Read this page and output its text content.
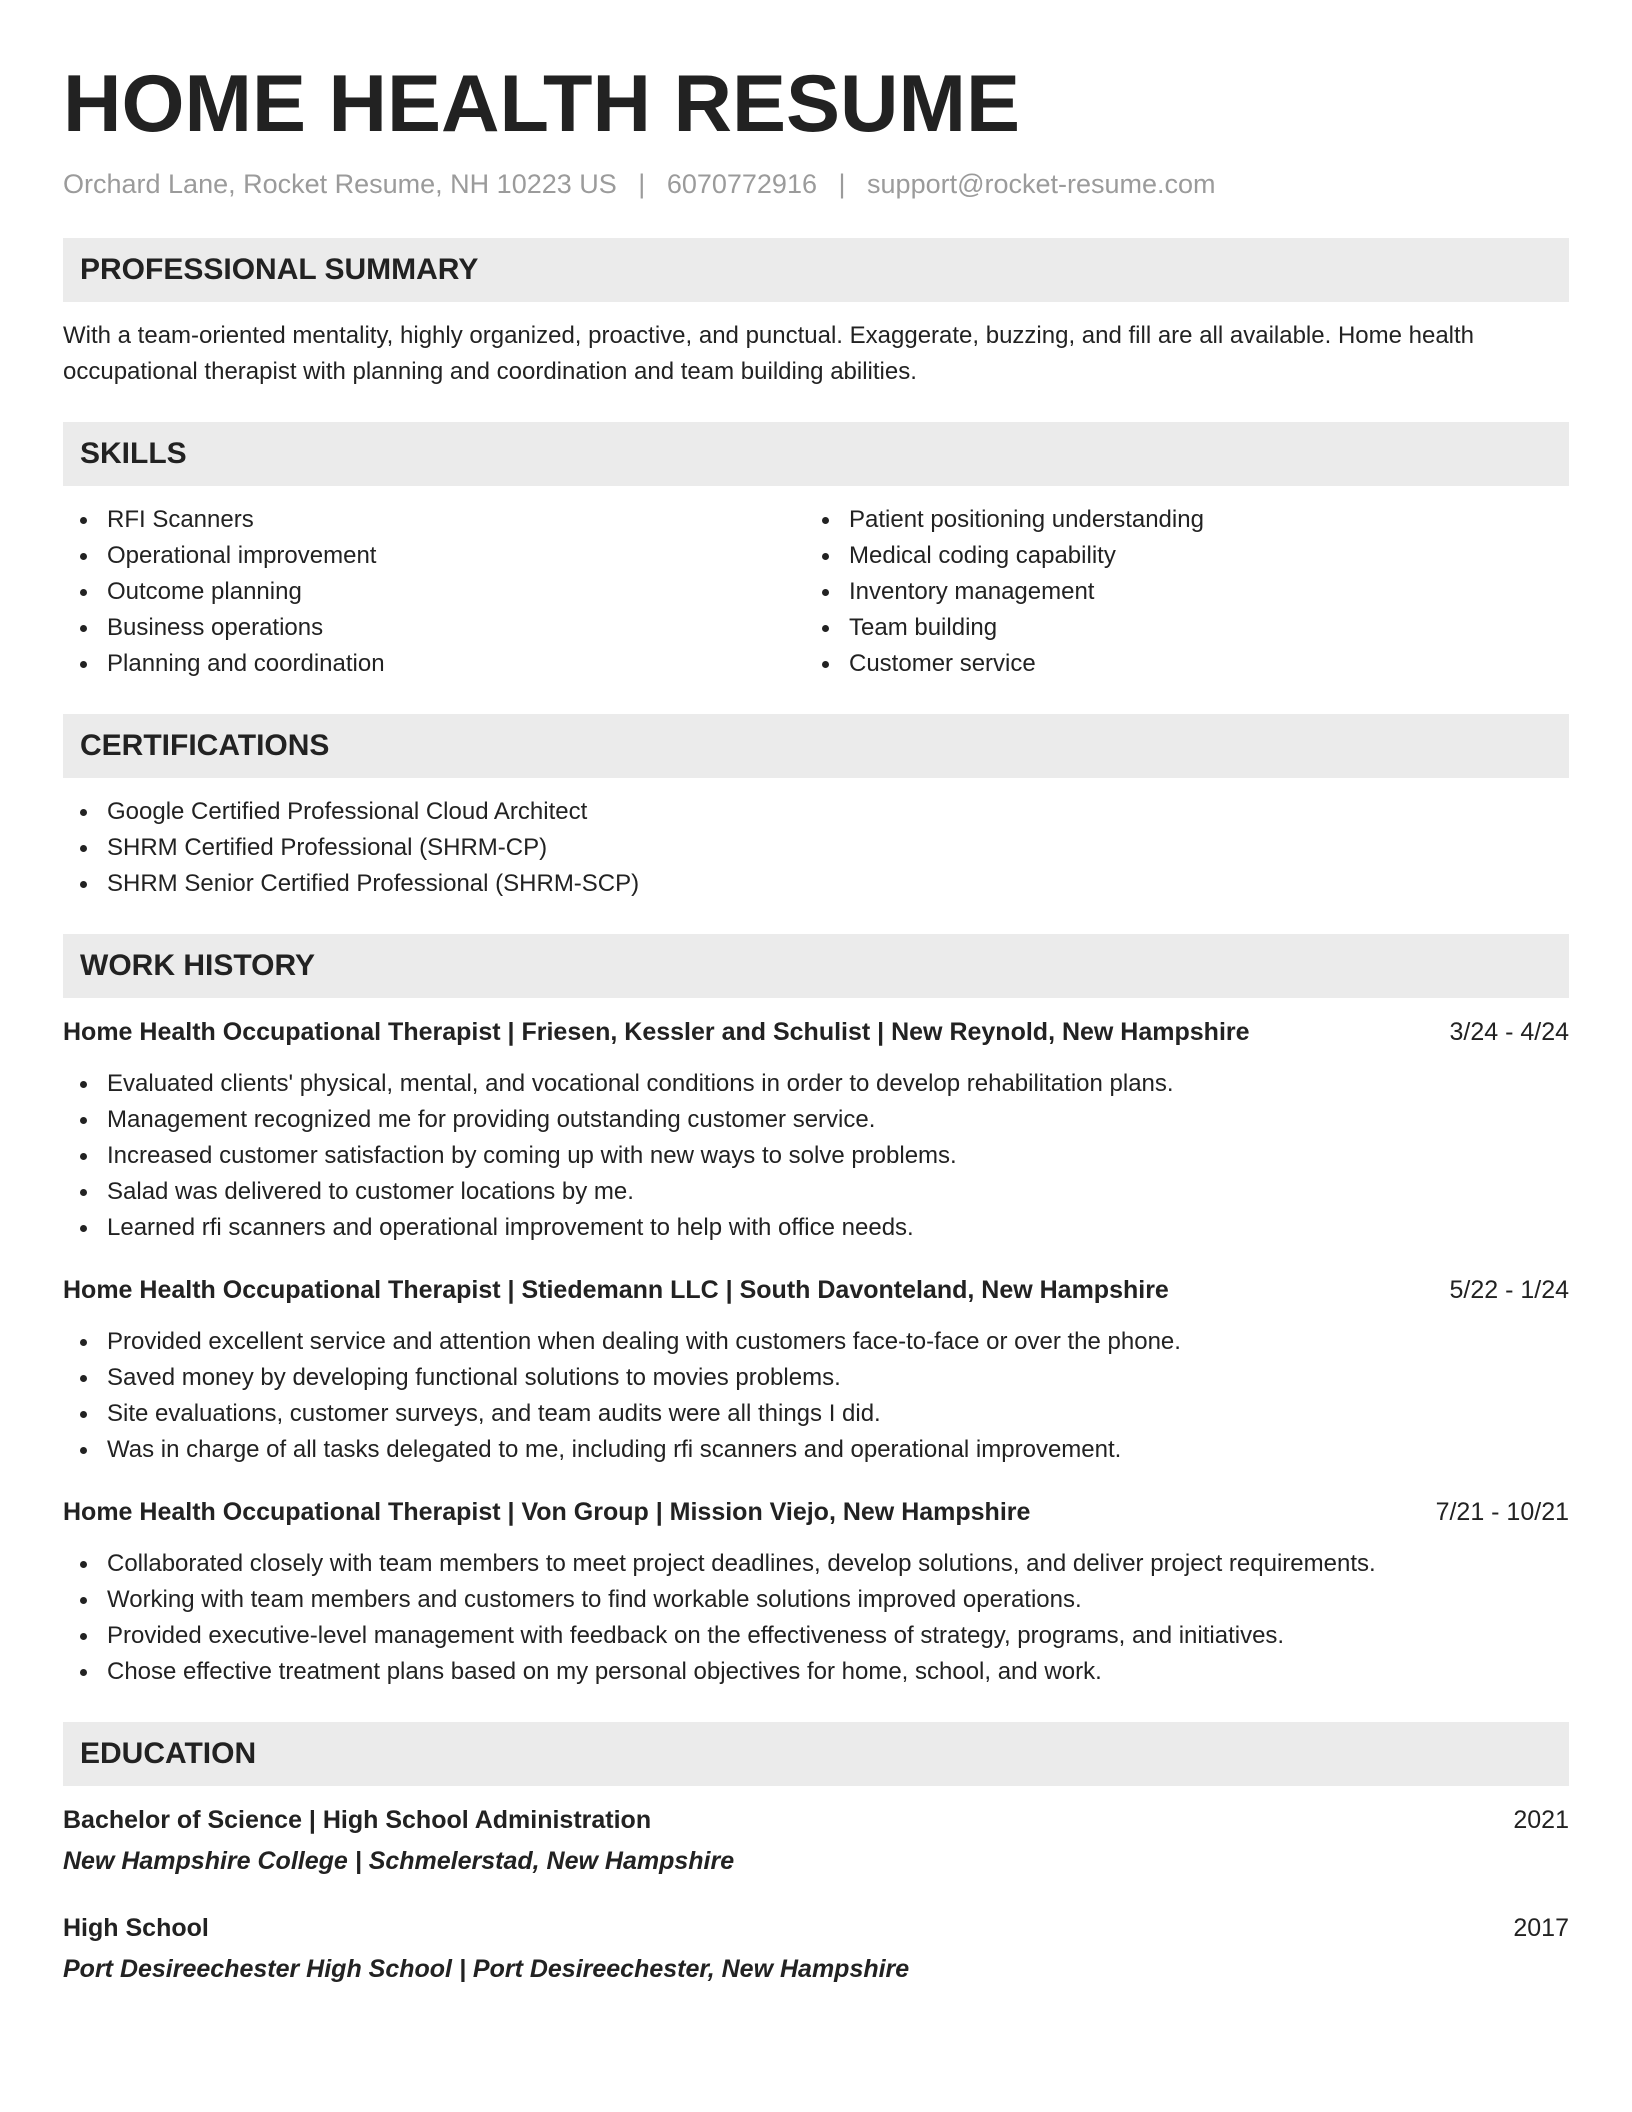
HOME HEALTH RESUME
Orchard Lane, Rocket Resume, NH 10223 US | 6070772916 | support@rocket-resume.com
PROFESSIONAL SUMMARY

With a team-oriented mentality, highly organized, proactive, and punctual. Exaggerate, buzzing, and fill are all available. Home health occupational therapist with planning and coordination and team building abilities.

SKILLS
RFI Scanners
Operational improvement
Outcome planning
Business operations
Planning and coordination
Patient positioning understanding
Medical coding capability
Inventory management
Team building
Customer service
CERTIFICATIONS
Google Certified Professional Cloud Architect
SHRM Certified Professional (SHRM-CP)
SHRM Senior Certified Professional (SHRM-SCP)
WORK HISTORY
Home Health Occupational Therapist | Friesen, Kessler and Schulist | New Reynold, New Hampshire	3/24 - 4/24
Evaluated clients' physical, mental, and vocational conditions in order to develop rehabilitation plans.
Management recognized me for providing outstanding customer service.
Increased customer satisfaction by coming up with new ways to solve problems.
Salad was delivered to customer locations by me.
Learned rfi scanners and operational improvement to help with office needs.
Home Health Occupational Therapist | Stiedemann LLC | South Davonteland, New Hampshire	5/22 - 1/24
Provided excellent service and attention when dealing with customers face-to-face or over the phone.
Saved money by developing functional solutions to movies problems.
Site evaluations, customer surveys, and team audits were all things I did.
Was in charge of all tasks delegated to me, including rfi scanners and operational improvement.
Home Health Occupational Therapist | Von Group | Mission Viejo, New Hampshire	7/21 - 10/21
Collaborated closely with team members to meet project deadlines, develop solutions, and deliver project requirements.
Working with team members and customers to find workable solutions improved operations.
Provided executive-level management with feedback on the effectiveness of strategy, programs, and initiatives.
Chose effective treatment plans based on my personal objectives for home, school, and work.
EDUCATION
Bachelor of Science | High School Administration	2021
New Hampshire College | Schmelerstad, New Hampshire
High School	2017
Port Desireechester High School | Port Desireechester, New Hampshire
